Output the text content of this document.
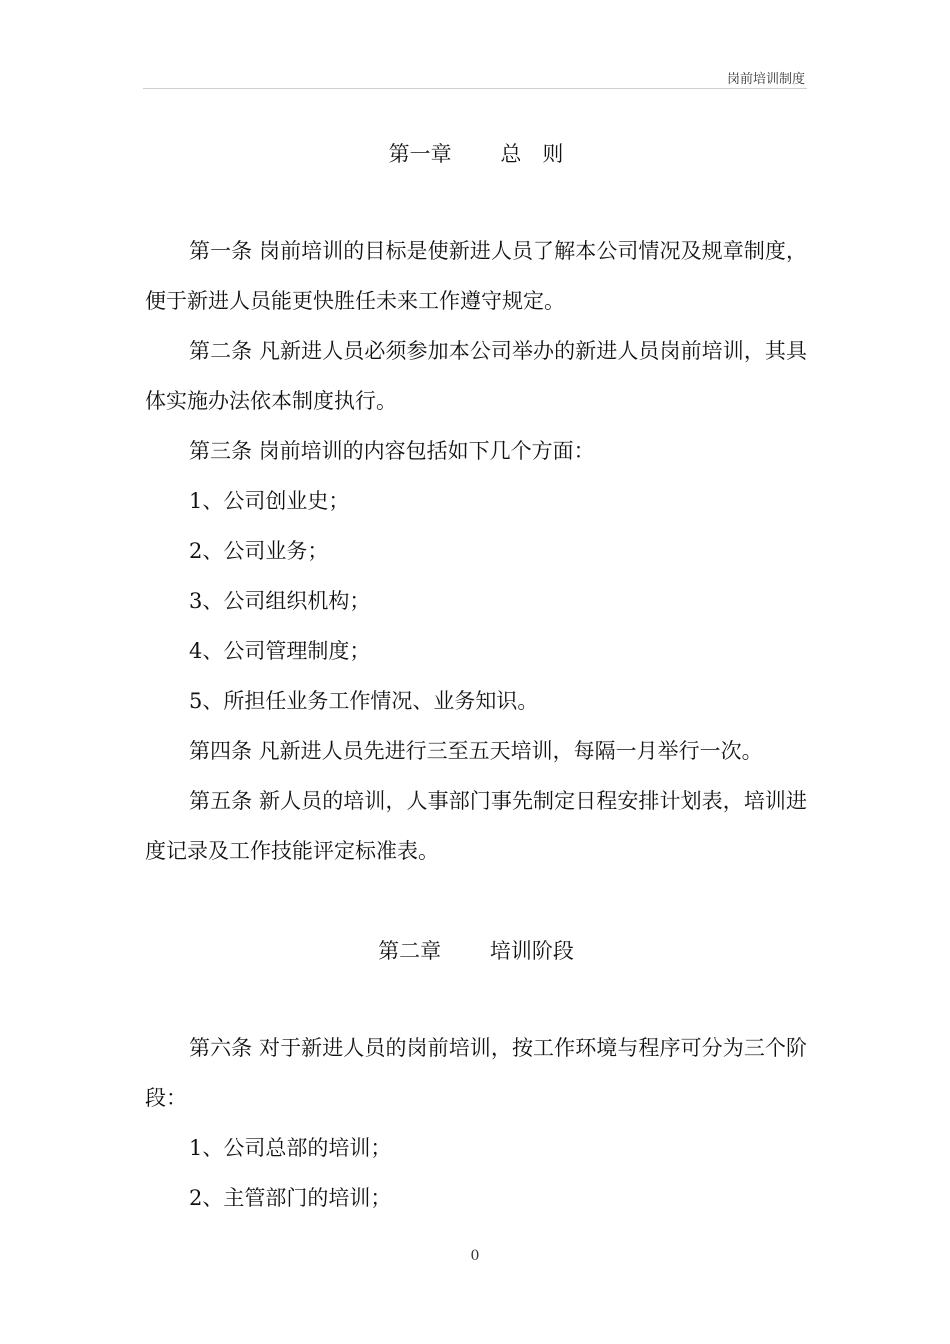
岗前培训制度
第一章　　 总　则
第一条 岗前培训的目标是使新进人员了解本公司情况及规章制度，便于新进人员能更快胜任未来工作遵守规定。
第二条 凡新进人员必须参加本公司举办的新进人员岗前培训，其具体实施办法依本制度执行。
第三条 岗前培训的内容包括如下几个方面：
1、公司创业史；
2、公司业务；
3、公司组织机构；
4、公司管理制度；
5、所担任业务工作情况、业务知识。
第四条 凡新进人员先进行三至五天培训，每隔一月举行一次。
第五条 新人员的培训，人事部门事先制定日程安排计划表，培训进度记录及工作技能评定标准表。
第二章　　 培训阶段
第六条 对于新进人员的岗前培训，按工作环境与程序可分为三个阶段：
1、公司总部的培训；
2、主管部门的培训；
0
